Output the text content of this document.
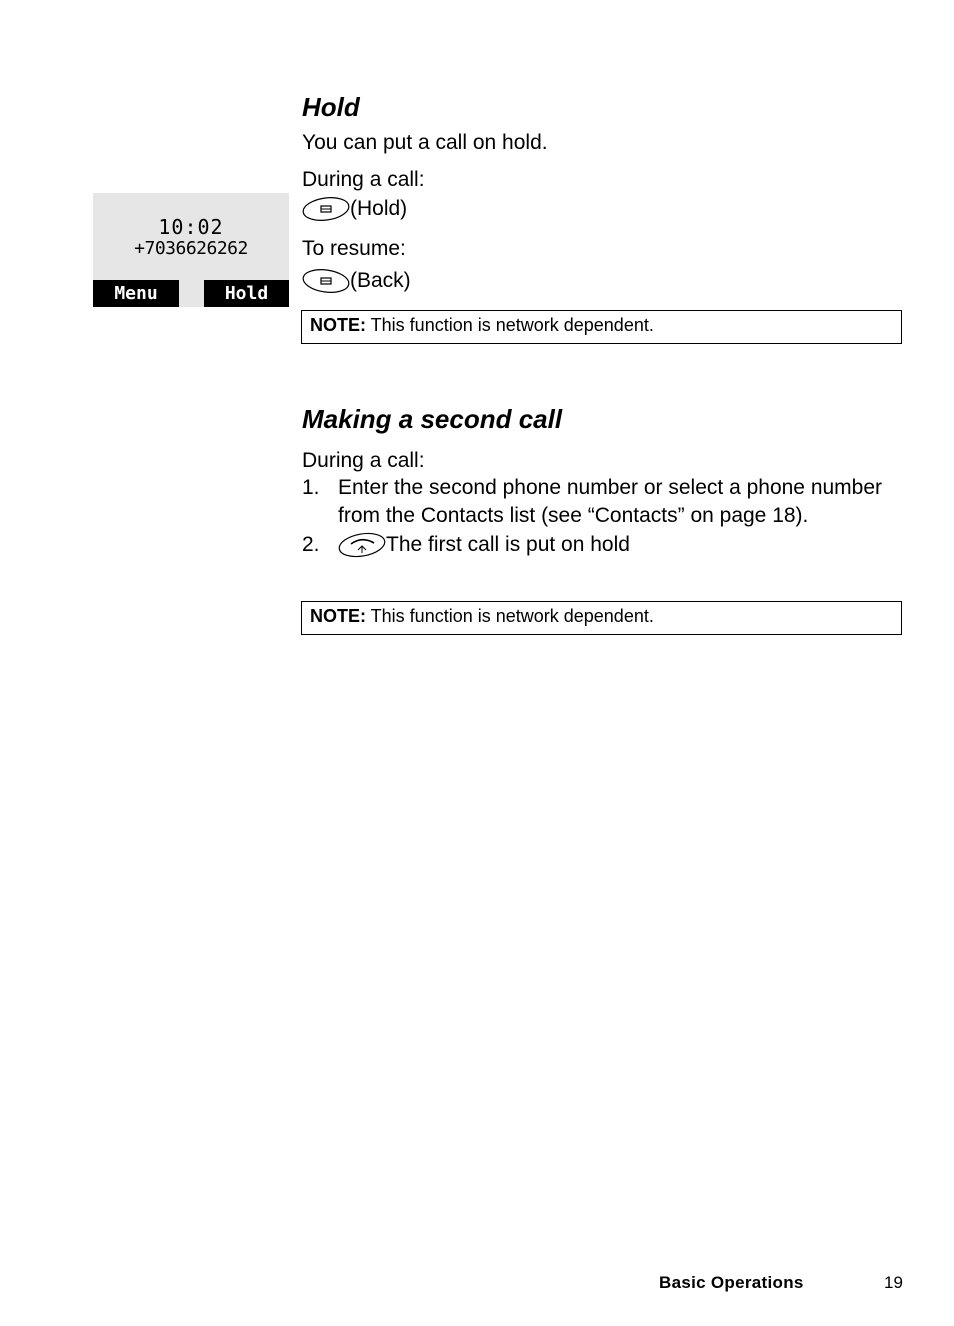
Hold
You can put a call on hold.
During a call:
(Hold)
To resume:
(Back)
10:02
+7036626262
Menu	Hold
NOTE: This function is network dependent.
Making a second call
During a call:
1. Enter the second phone number or select a phone number from the Contacts list (see “Contacts” on page 18).
2.	The first call is put on hold
NOTE: This function is network dependent.
Basic Operations	19
